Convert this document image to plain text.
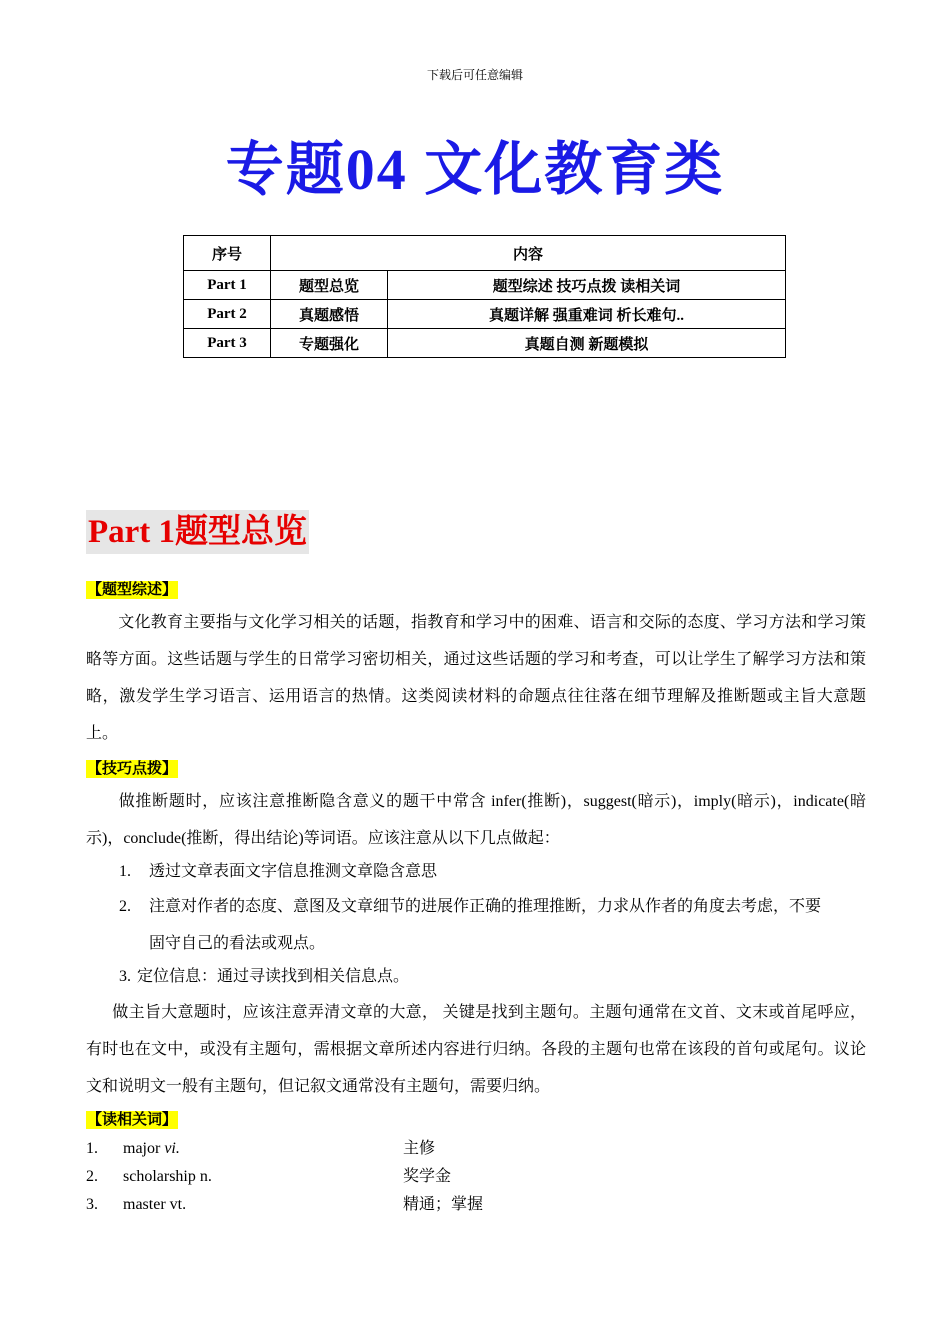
下载后可任意编辑
专题04 文化教育类
序号	内容	
Part 1	题型总览	题型综述 技巧点拨 读相关词
Part 2	真题感悟	真题详解 强重难词 析长难句..
Part 3	专题强化	真题自测 新题模拟
Part 1题型总览
【题型综述】
文化教育主要指与文化学习相关的话题，指教育和学习中的困难、语言和交际的态度、学习方法和学习策略等方面。这些话题与学生的日常学习密切相关，通过这些话题的学习和考查，可以让学生了解学习方法和策略，激发学生学习语言、运用语言的热情。这类阅读材料的命题点往往落在细节理解及推断题或主旨大意题上。
【技巧点拨】
做推断题时，应该注意推断隐含意义的题干中常含 infer(推断)，suggest(暗示)，imply(暗示)，indicate(暗示)，conclude(推断，得出结论)等词语。应该注意从以下几点做起：
1. 透过文章表面文字信息推测文章隐含意思
2. 注意对作者的态度、意图及文章细节的进展作正确的推理推断，力求从作者的角度去考虑，不要
固守自己的看法或观点。
3. 定位信息：通过寻读找到相关信息点。
做主旨大意题时，应该注意弄清文章的大意， 关键是找到主题句。主题句通常在文首、文末或首尾呼应， 有时也在文中，或没有主题句，需根据文章所述内容进行归纳。各段的主题句也常在该段的首句或尾句。议论文和说明文一般有主题句，但记叙文通常没有主题句，需要归纳。
【读相关词】
1. major vi.	主修
2. scholarship n.	奖学金
3. master vt.	精通；掌握
